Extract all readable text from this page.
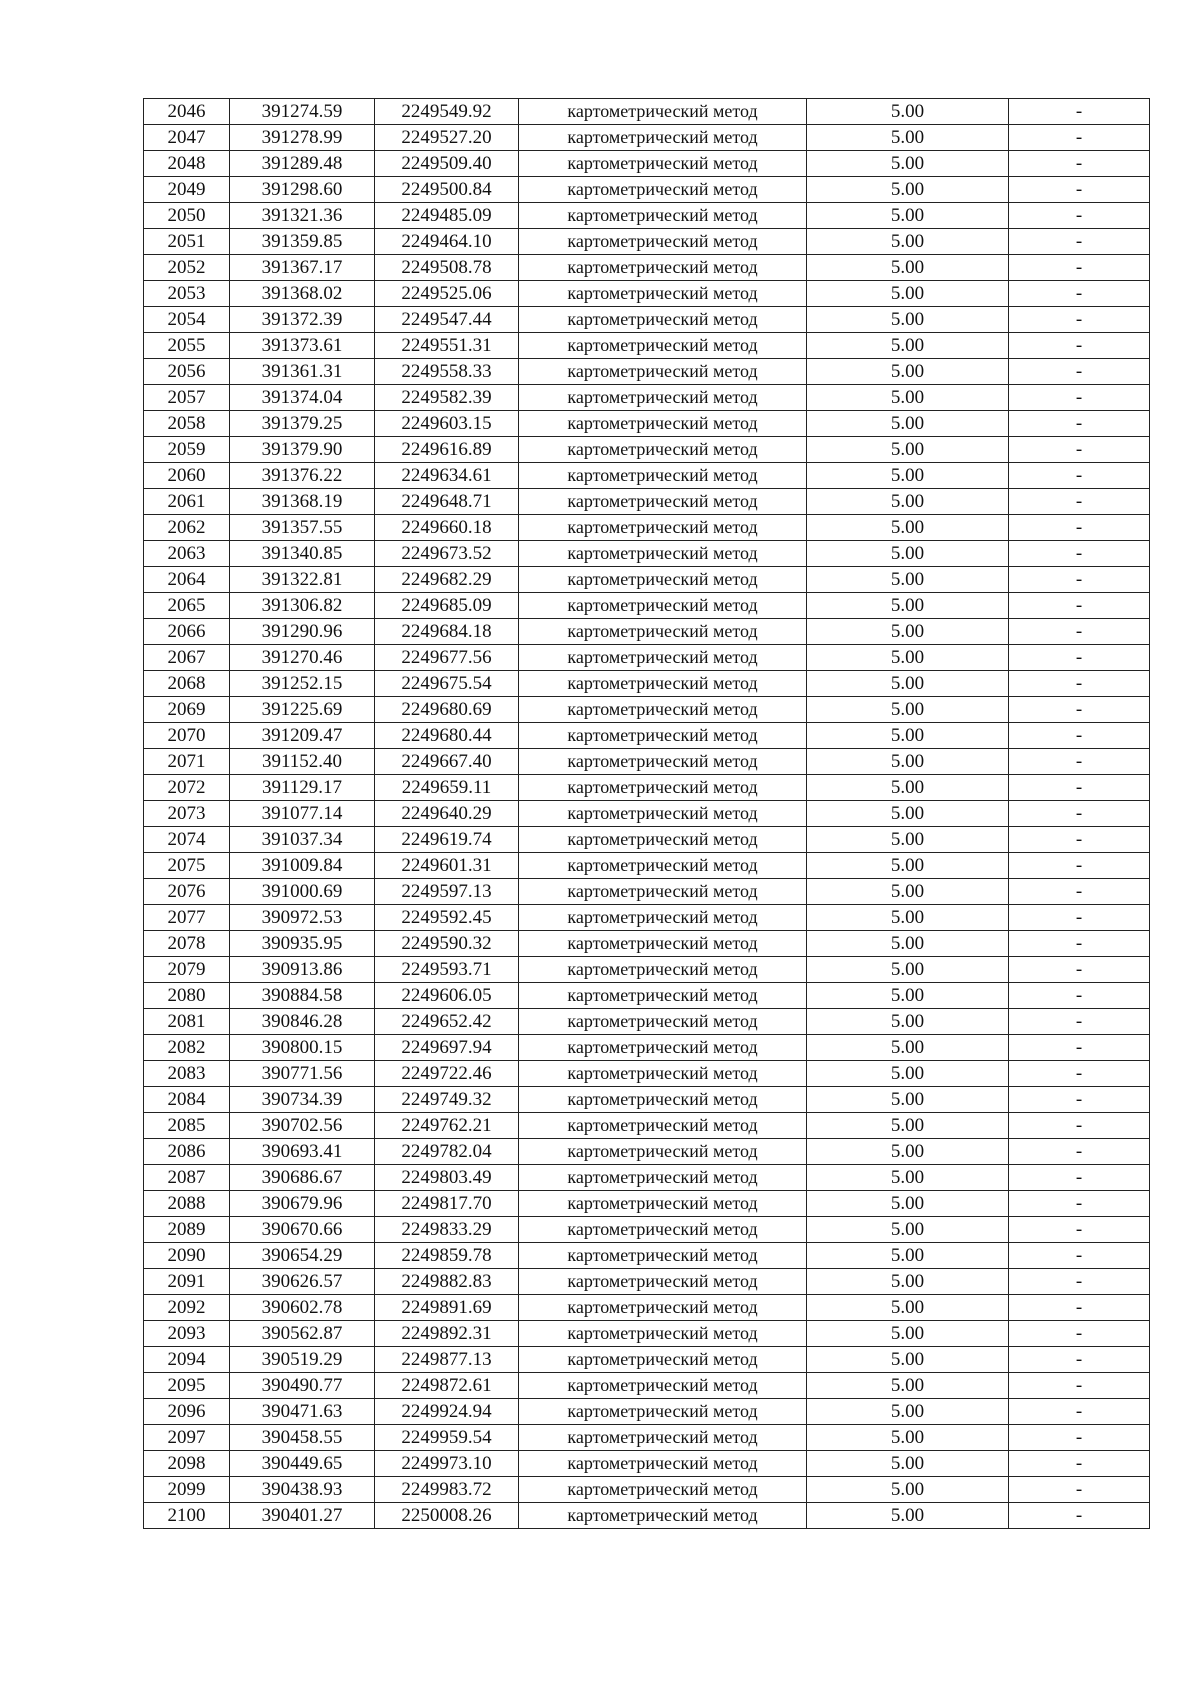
2046	391274.59	2249549.92	картометрический метод	5.00	-
2047	391278.99	2249527.20	картометрический метод	5.00	-
2048	391289.48	2249509.40	картометрический метод	5.00	-
2049	391298.60	2249500.84	картометрический метод	5.00	-
2050	391321.36	2249485.09	картометрический метод	5.00	-
2051	391359.85	2249464.10	картометрический метод	5.00	-
2052	391367.17	2249508.78	картометрический метод	5.00	-
2053	391368.02	2249525.06	картометрический метод	5.00	-
2054	391372.39	2249547.44	картометрический метод	5.00	-
2055	391373.61	2249551.31	картометрический метод	5.00	-
2056	391361.31	2249558.33	картометрический метод	5.00	-
2057	391374.04	2249582.39	картометрический метод	5.00	-
2058	391379.25	2249603.15	картометрический метод	5.00	-
2059	391379.90	2249616.89	картометрический метод	5.00	-
2060	391376.22	2249634.61	картометрический метод	5.00	-
2061	391368.19	2249648.71	картометрический метод	5.00	-
2062	391357.55	2249660.18	картометрический метод	5.00	-
2063	391340.85	2249673.52	картометрический метод	5.00	-
2064	391322.81	2249682.29	картометрический метод	5.00	-
2065	391306.82	2249685.09	картометрический метод	5.00	-
2066	391290.96	2249684.18	картометрический метод	5.00	-
2067	391270.46	2249677.56	картометрический метод	5.00	-
2068	391252.15	2249675.54	картометрический метод	5.00	-
2069	391225.69	2249680.69	картометрический метод	5.00	-
2070	391209.47	2249680.44	картометрический метод	5.00	-
2071	391152.40	2249667.40	картометрический метод	5.00	-
2072	391129.17	2249659.11	картометрический метод	5.00	-
2073	391077.14	2249640.29	картометрический метод	5.00	-
2074	391037.34	2249619.74	картометрический метод	5.00	-
2075	391009.84	2249601.31	картометрический метод	5.00	-
2076	391000.69	2249597.13	картометрический метод	5.00	-
2077	390972.53	2249592.45	картометрический метод	5.00	-
2078	390935.95	2249590.32	картометрический метод	5.00	-
2079	390913.86	2249593.71	картометрический метод	5.00	-
2080	390884.58	2249606.05	картометрический метод	5.00	-
2081	390846.28	2249652.42	картометрический метод	5.00	-
2082	390800.15	2249697.94	картометрический метод	5.00	-
2083	390771.56	2249722.46	картометрический метод	5.00	-
2084	390734.39	2249749.32	картометрический метод	5.00	-
2085	390702.56	2249762.21	картометрический метод	5.00	-
2086	390693.41	2249782.04	картометрический метод	5.00	-
2087	390686.67	2249803.49	картометрический метод	5.00	-
2088	390679.96	2249817.70	картометрический метод	5.00	-
2089	390670.66	2249833.29	картометрический метод	5.00	-
2090	390654.29	2249859.78	картометрический метод	5.00	-
2091	390626.57	2249882.83	картометрический метод	5.00	-
2092	390602.78	2249891.69	картометрический метод	5.00	-
2093	390562.87	2249892.31	картометрический метод	5.00	-
2094	390519.29	2249877.13	картометрический метод	5.00	-
2095	390490.77	2249872.61	картометрический метод	5.00	-
2096	390471.63	2249924.94	картометрический метод	5.00	-
2097	390458.55	2249959.54	картометрический метод	5.00	-
2098	390449.65	2249973.10	картометрический метод	5.00	-
2099	390438.93	2249983.72	картометрический метод	5.00	-
2100	390401.27	2250008.26	картометрический метод	5.00	-
